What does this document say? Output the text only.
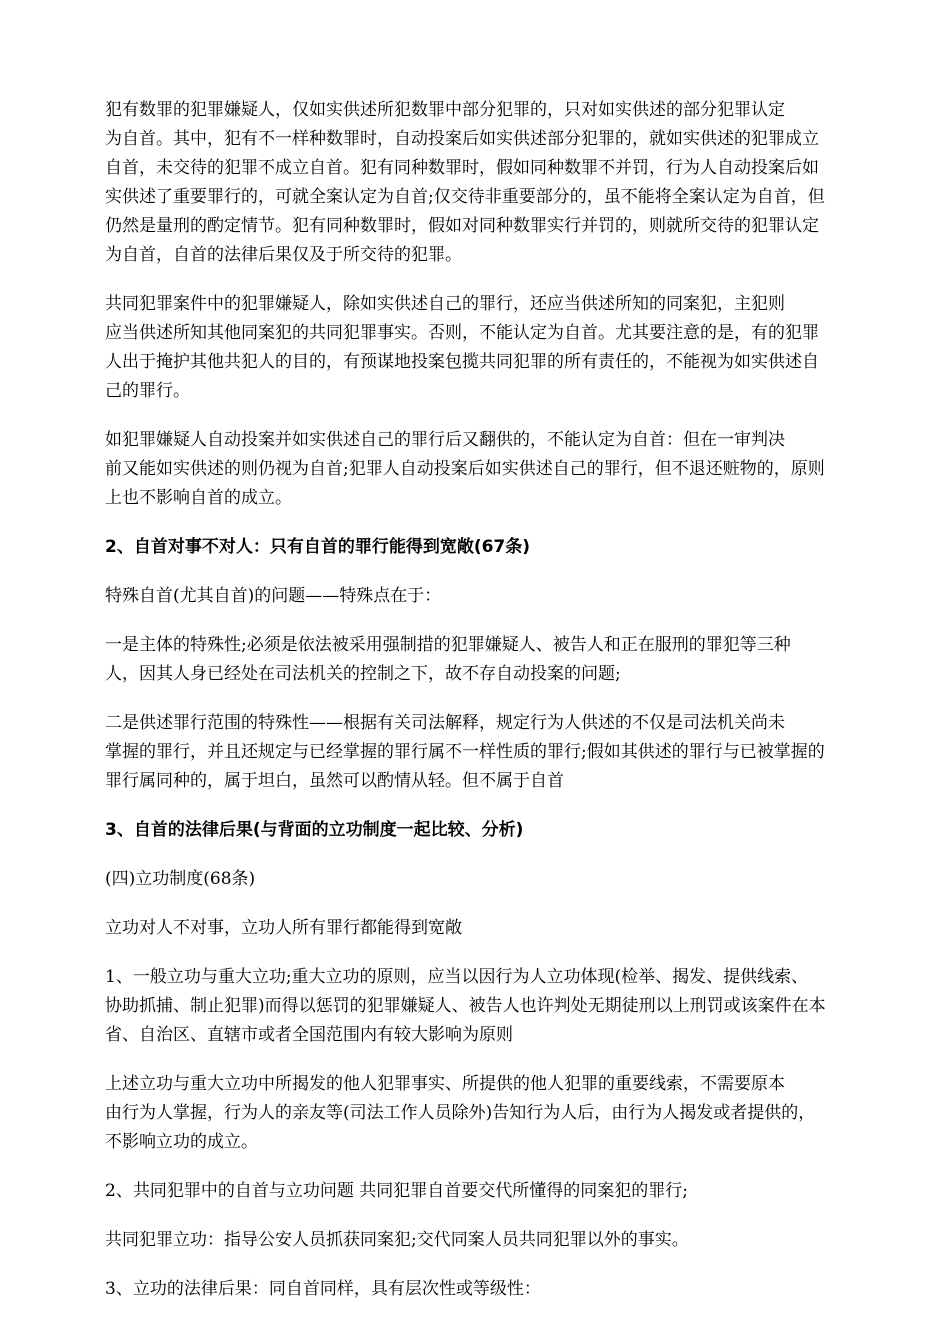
犯有数罪的犯罪嫌疑人，仅如实供述所犯数罪中部分犯罪的，只对如实供述的部分犯罪认定
为自首。其中，犯有不一样种数罪时，自动投案后如实供述部分犯罪的，就如实供述的犯罪成立
自首，未交待的犯罪不成立自首。犯有同种数罪时，假如同种数罪不并罚，行为人自动投案后如
实供述了重要罪行的，可就全案认定为自首;仅交待非重要部分的，虽不能将全案认定为自首，但
仍然是量刑的酌定情节。犯有同种数罪时，假如对同种数罪实行并罚的，则就所交待的犯罪认定
为自首，自首的法律后果仅及于所交待的犯罪。

共同犯罪案件中的犯罪嫌疑人，除如实供述自己的罪行，还应当供述所知的同案犯，主犯则
应当供述所知其他同案犯的共同犯罪事实。否则，不能认定为自首。尤其要注意的是，有的犯罪
人出于掩护其他共犯人的目的，有预谋地投案包揽共同犯罪的所有责任的，不能视为如实供述自
己的罪行。

如犯罪嫌疑人自动投案并如实供述自己的罪行后又翻供的，不能认定为自首：但在一审判决
前又能如实供述的则仍视为自首;犯罪人自动投案后如实供述自己的罪行，但不退还赃物的，原则
上也不影响自首的成立。

2、自首对事不对人：只有自首的罪行能得到宽敞(67条)

特殊自首(尤其自首)的问题——特殊点在于：

一是主体的特殊性;必须是依法被采用强制措的犯罪嫌疑人、被告人和正在服刑的罪犯等三种
人，因其人身已经处在司法机关的控制之下，故不存自动投案的问题;

二是供述罪行范围的特殊性——根据有关司法解释，规定行为人供述的不仅是司法机关尚未
掌握的罪行，并且还规定与已经掌握的罪行属不一样性质的罪行;假如其供述的罪行与已被掌握的
罪行属同种的，属于坦白，虽然可以酌情从轻。但不属于自首

3、自首的法律后果(与背面的立功制度一起比较、分析)

(四)立功制度(68条)

立功对人不对事，立功人所有罪行都能得到宽敞

1、一般立功与重大立功;重大立功的原则，应当以因行为人立功体现(检举、揭发、提供线索、
协助抓捕、制止犯罪)而得以惩罚的犯罪嫌疑人、被告人也许判处无期徒刑以上刑罚或该案件在本
省、自治区、直辖市或者全国范围内有较大影响为原则

上述立功与重大立功中所揭发的他人犯罪事实、所提供的他人犯罪的重要线索，不需要原本
由行为人掌握，行为人的亲友等(司法工作人员除外)告知行为人后，由行为人揭发或者提供的，
不影响立功的成立。

2、共同犯罪中的自首与立功问题 共同犯罪自首要交代所懂得的同案犯的罪行;

共同犯罪立功：指导公安人员抓获同案犯;交代同案人员共同犯罪以外的事实。

3、立功的法律后果：同自首同样，具有层次性或等级性：
